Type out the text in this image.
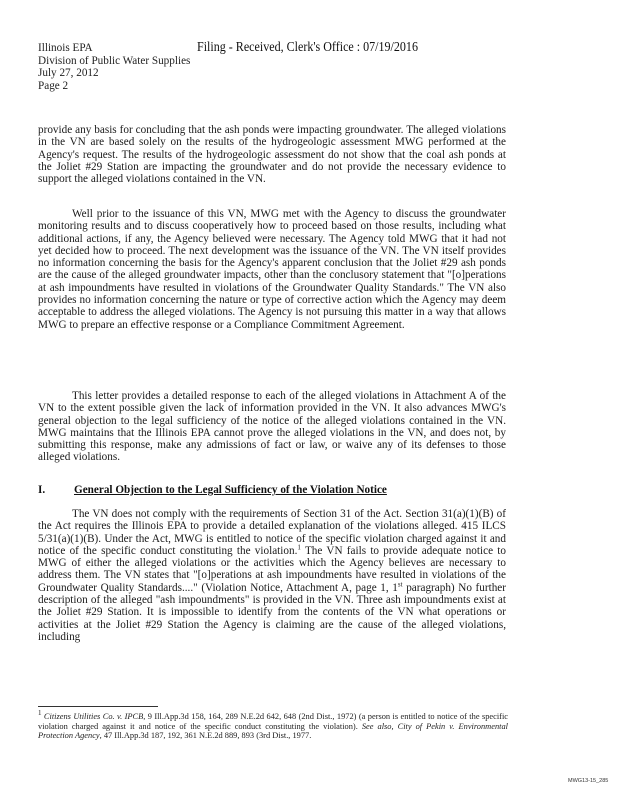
Illinois EPA
Division of Public Water Supplies
July 27, 2012
Page 2
Filing - Received, Clerk's Office : 07/19/2016
provide any basis for concluding that the ash ponds were impacting groundwater. The alleged violations in the VN are based solely on the results of the hydrogeologic assessment MWG performed at the Agency's request. The results of the hydrogeologic assessment do not show that the coal ash ponds at the Joliet #29 Station are impacting the groundwater and do not provide the necessary evidence to support the alleged violations contained in the VN.
Well prior to the issuance of this VN, MWG met with the Agency to discuss the groundwater monitoring results and to discuss cooperatively how to proceed based on those results, including what additional actions, if any, the Agency believed were necessary. The Agency told MWG that it had not yet decided how to proceed. The next development was the issuance of the VN. The VN itself provides no information concerning the basis for the Agency's apparent conclusion that the Joliet #29 ash ponds are the cause of the alleged groundwater impacts, other than the conclusory statement that "[o]perations at ash impoundments have resulted in violations of the Groundwater Quality Standards." The VN also provides no information concerning the nature or type of corrective action which the Agency may deem acceptable to address the alleged violations. The Agency is not pursuing this matter in a way that allows MWG to prepare an effective response or a Compliance Commitment Agreement.
This letter provides a detailed response to each of the alleged violations in Attachment A of the VN to the extent possible given the lack of information provided in the VN. It also advances MWG's general objection to the legal sufficiency of the notice of the alleged violations contained in the VN. MWG maintains that the Illinois EPA cannot prove the alleged violations in the VN, and does not, by submitting this response, make any admissions of fact or law, or waive any of its defenses to those alleged violations.
I.	General Objection to the Legal Sufficiency of the Violation Notice
The VN does not comply with the requirements of Section 31 of the Act. Section 31(a)(1)(B) of the Act requires the Illinois EPA to provide a detailed explanation of the violations alleged. 415 ILCS 5/31(a)(1)(B). Under the Act, MWG is entitled to notice of the specific violation charged against it and notice of the specific conduct constituting the violation.$^1$ The VN fails to provide adequate notice to MWG of either the alleged violations or the activities which the Agency believes are necessary to address them. The VN states that "[o]perations at ash impoundments have resulted in violations of the Groundwater Quality Standards...." (Violation Notice, Attachment A, page 1, 1st paragraph) No further description of the alleged "ash impoundments" is provided in the VN. Three ash impoundments exist at the Joliet #29 Station. It is impossible to identify from the contents of the VN what operations or activities at the Joliet #29 Station the Agency is claiming are the cause of the alleged violations, including
$^1$ Citizens Utilities Co. v. IPCB, 9 Ill.App.3d 158, 164, 289 N.E.2d 642, 648 (2nd Dist., 1972) (a person is entitled to notice of the specific violation charged against it and notice of the specific conduct constituting the violation). See also, City of Pekin v. Environmental Protection Agency, 47 Ill.App.3d 187, 192, 361 N.E.2d 889, 893 (3rd Dist., 1977.
MWG13-15_285
